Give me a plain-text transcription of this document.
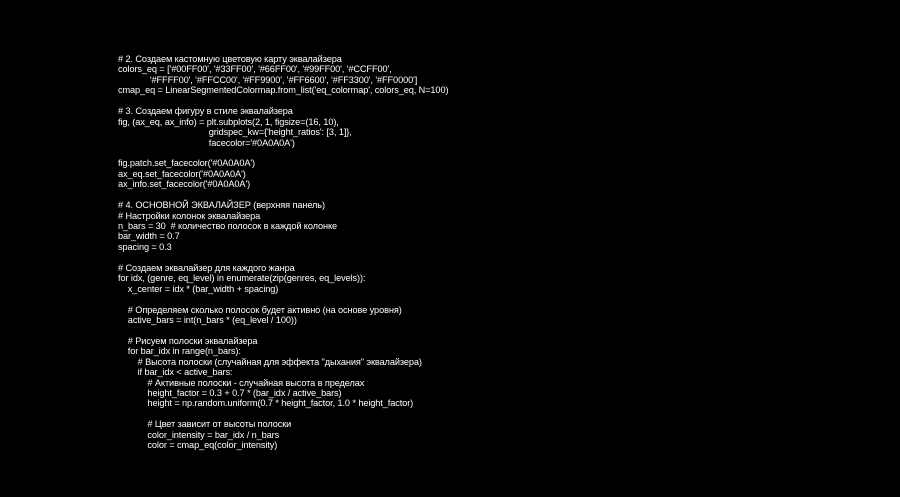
# 2. Создаем кастомную цветовую карту эквалайзера
colors_eq = ['#00FF00', '#33FF00', '#66FF00', '#99FF00', '#CCFF00',
'#FFFF00', '#FFCC00', '#FF9900', '#FF6600', '#FF3300', '#FF0000']
cmap_eq = LinearSegmentedColormap.from_list('eq_colormap', colors_eq, N=100)
# 3. Создаем фигуру в стиле эквалайзера
fig, (ax_eq, ax_info) = plt.subplots(2, 1, figsize=(16, 10),
gridspec_kw={'height_ratios': [3, 1]},
facecolor='#0A0A0A')
fig.patch.set_facecolor('#0A0A0A')
ax_eq.set_facecolor('#0A0A0A')
ax_info.set_facecolor('#0A0A0A')
# 4. ОСНОВНОЙ ЭКВАЛАЙЗЕР (верхняя панель)
# Настройки колонок эквалайзера
n_bars = 30  # количество полосок в каждой колонке
bar_width = 0.7
spacing = 0.3
# Создаем эквалайзер для каждого жанра
for idx, (genre, eq_level) in enumerate(zip(genres, eq_levels)):
x_center = idx * (bar_width + spacing)
# Определяем сколько полосок будет активно (на основе уровня)
active_bars = int(n_bars * (eq_level / 100))
# Рисуем полоски эквалайзера
for bar_idx in range(n_bars):
# Высота полоски (случайная для эффекта "дыхания" эквалайзера)
if bar_idx < active_bars:
# Активные полоски - случайная высота в пределах
height_factor = 0.3 + 0.7 * (bar_idx / active_bars)
height = np.random.uniform(0.7 * height_factor, 1.0 * height_factor)
# Цвет зависит от высоты полоски
color_intensity = bar_idx / n_bars
color = cmap_eq(color_intensity)
